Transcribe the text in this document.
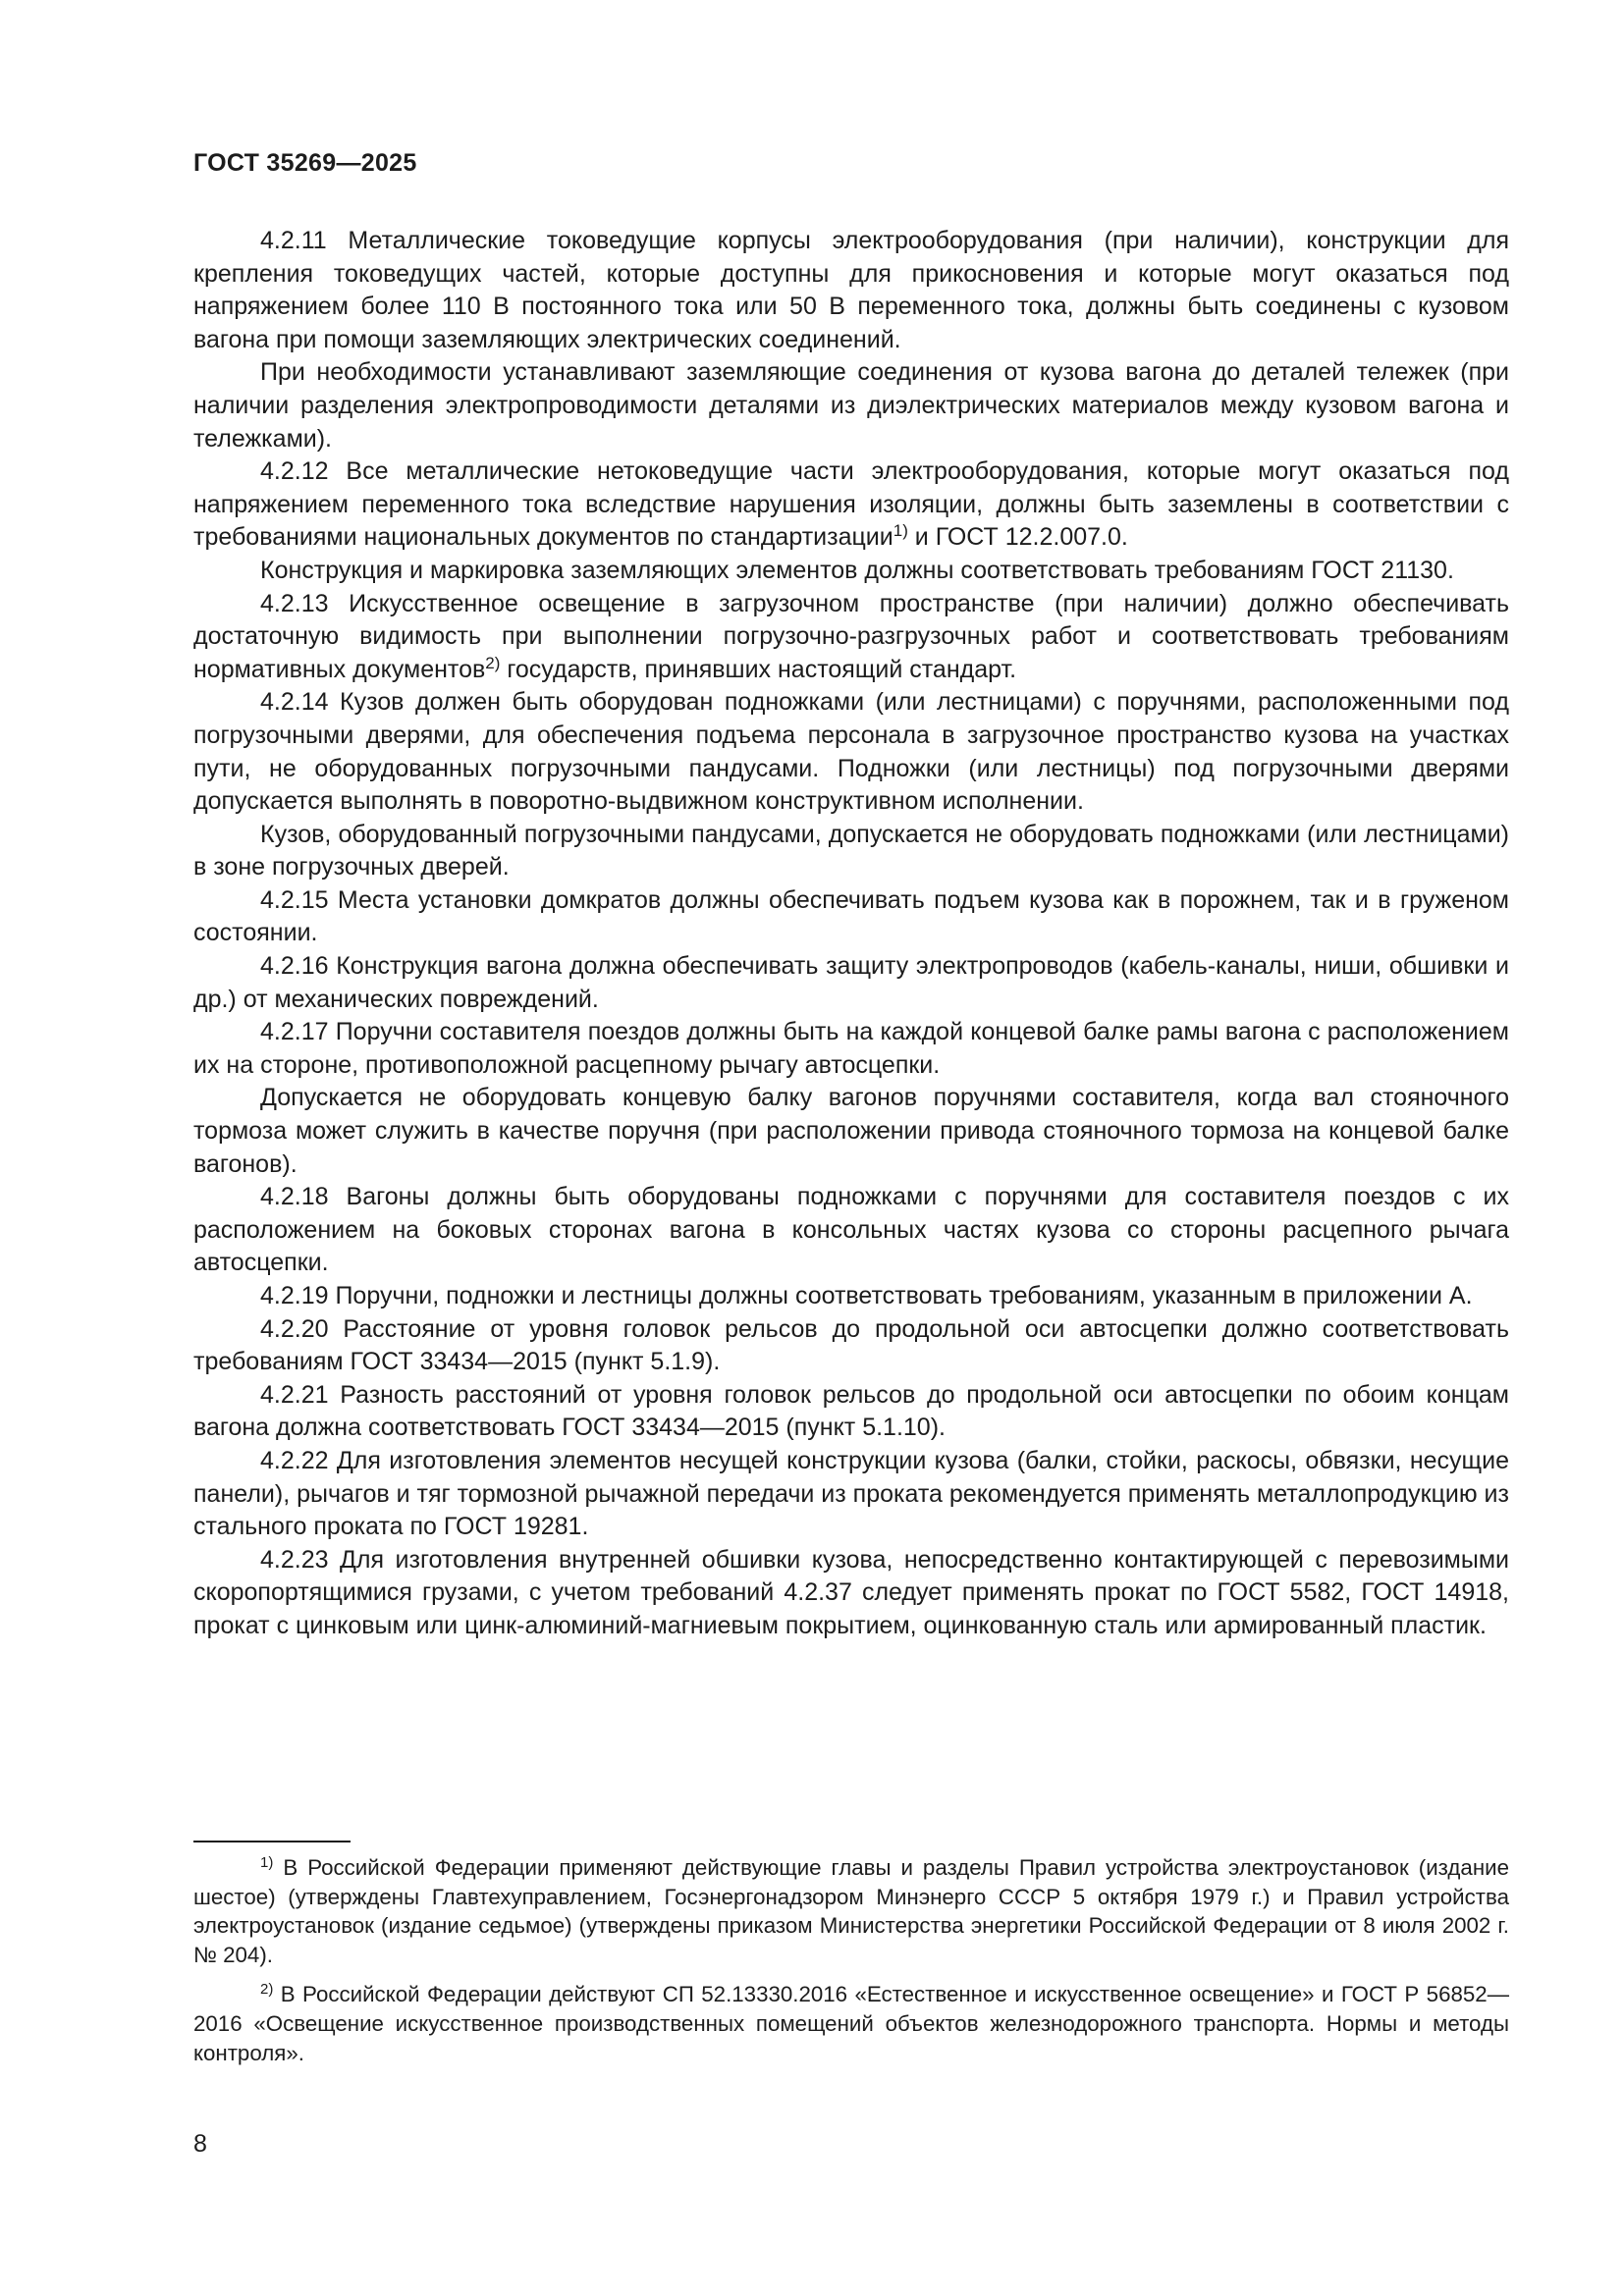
ГОСТ 35269—2025

4.2.11 Металлические токоведущие корпусы электрооборудования (при наличии), конструкции для крепления токоведущих частей, которые доступны для прикосновения и которые могут оказаться под напряжением более 110 В постоянного тока или 50 В переменного тока, должны быть соединены с кузовом вагона при помощи заземляющих электрических соединений.

При необходимости устанавливают заземляющие соединения от кузова вагона до деталей тележек (при наличии разделения электропроводимости деталями из диэлектрических материалов между кузовом вагона и тележками).

4.2.12 Все металлические нетоковедущие части электрооборудования, которые могут оказаться под напряжением переменного тока вследствие нарушения изоляции, должны быть заземлены в соответствии с требованиями национальных документов по стандартизации$^{1)}$ и ГОСТ 12.2.007.0.

Конструкция и маркировка заземляющих элементов должны соответствовать требованиям ГОСТ 21130.

4.2.13 Искусственное освещение в загрузочном пространстве (при наличии) должно обеспечивать достаточную видимость при выполнении погрузочно-разгрузочных работ и соответствовать требованиям нормативных документов$^{2)}$ государств, принявших настоящий стандарт.

4.2.14 Кузов должен быть оборудован подножками (или лестницами) с поручнями, расположенными под погрузочными дверями, для обеспечения подъема персонала в загрузочное пространство кузова на участках пути, не оборудованных погрузочными пандусами. Подножки (или лестницы) под погрузочными дверями допускается выполнять в поворотно-выдвижном конструктивном исполнении.

Кузов, оборудованный погрузочными пандусами, допускается не оборудовать подножками (или лестницами) в зоне погрузочных дверей.

4.2.15 Места установки домкратов должны обеспечивать подъем кузова как в порожнем, так и в груженом состоянии.

4.2.16 Конструкция вагона должна обеспечивать защиту электропроводов (кабель-каналы, ниши, обшивки и др.) от механических повреждений.

4.2.17 Поручни составителя поездов должны быть на каждой концевой балке рамы вагона с расположением их на стороне, противоположной расцепному рычагу автосцепки.

Допускается не оборудовать концевую балку вагонов поручнями составителя, когда вал стояночного тормоза может служить в качестве поручня (при расположении привода стояночного тормоза на концевой балке вагонов).

4.2.18 Вагоны должны быть оборудованы подножками с поручнями для составителя поездов с их расположением на боковых сторонах вагона в консольных частях кузова со стороны расцепного рычага автосцепки.

4.2.19 Поручни, подножки и лестницы должны соответствовать требованиям, указанным в приложении А.

4.2.20 Расстояние от уровня головок рельсов до продольной оси автосцепки должно соответствовать требованиям ГОСТ 33434—2015 (пункт 5.1.9).

4.2.21 Разность расстояний от уровня головок рельсов до продольной оси автосцепки по обоим концам вагона должна соответствовать ГОСТ 33434—2015 (пункт 5.1.10).

4.2.22 Для изготовления элементов несущей конструкции кузова (балки, стойки, раскосы, обвязки, несущие панели), рычагов и тяг тормозной рычажной передачи из проката рекомендуется применять металлопродукцию из стального проката по ГОСТ 19281.

4.2.23 Для изготовления внутренней обшивки кузова, непосредственно контактирующей с перевозимыми скоропортящимися грузами, с учетом требований 4.2.37 следует применять прокат по ГОСТ 5582, ГОСТ 14918, прокат с цинковым или цинк-алюминий-магниевым покрытием, оцинкованную сталь или армированный пластик.

$^{1)}$ В Российской Федерации применяют действующие главы и разделы Правил устройства электроустановок (издание шестое) (утверждены Главтехуправлением, Госэнергонадзором Минэнерго СССР 5 октября 1979 г.) и Правил устройства электроустановок (издание седьмое) (утверждены приказом Министерства энергетики Российской Федерации от 8 июля 2002 г. № 204).

$^{2)}$ В Российской Федерации действуют СП 52.13330.2016 «Естественное и искусственное освещение» и ГОСТ Р 56852—2016 «Освещение искусственное производственных помещений объектов железнодорожного транспорта. Нормы и методы контроля».

8
